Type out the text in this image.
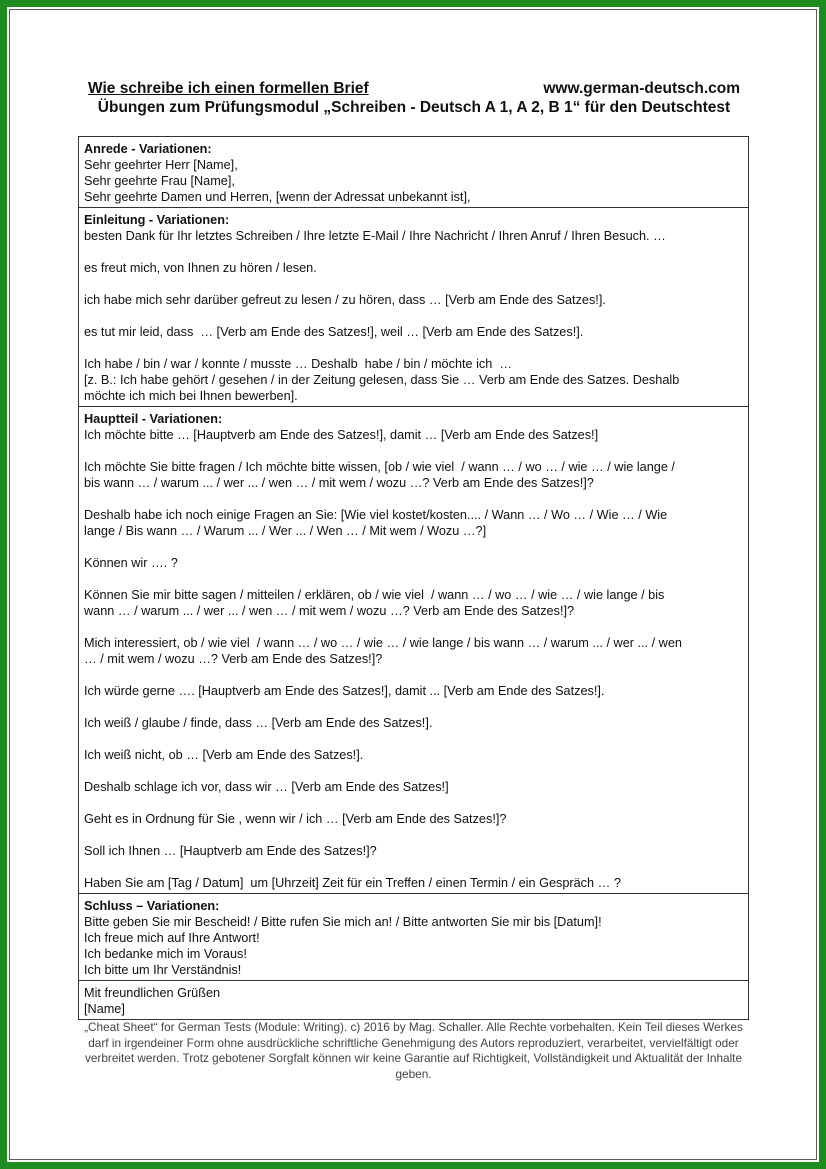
Wie schreibe ich einen formellen Brief	www.german-deutsch.com
Übungen zum Prüfungsmodul „Schreiben - Deutsch A 1, A 2, B 1“ für den Deutschtest
Anrede - Variationen:
Sehr geehrter Herr [Name],
Sehr geehrte Frau [Name],
Sehr geehrte Damen und Herren, [wenn der Adressat unbekannt ist],
Einleitung - Variationen:
besten Dank für Ihr letztes Schreiben / Ihre letzte E-Mail / Ihre Nachricht / Ihren Anruf / Ihren Besuch. …
es freut mich, von Ihnen zu hören / lesen.
ich habe mich sehr darüber gefreut zu lesen / zu hören, dass … [Verb am Ende des Satzes!].
es tut mir leid, dass  … [Verb am Ende des Satzes!], weil … [Verb am Ende des Satzes!].
Ich habe / bin / war / konnte / musste … Deshalb  habe / bin / möchte ich  …
[z. B.: Ich habe gehört / gesehen / in der Zeitung gelesen, dass Sie … Verb am Ende des Satzes. Deshalb
möchte ich mich bei Ihnen bewerben].
Hauptteil - Variationen:
Ich möchte bitte … [Hauptverb am Ende des Satzes!], damit … [Verb am Ende des Satzes!]
Ich möchte Sie bitte fragen / Ich möchte bitte wissen, [ob / wie viel  / wann … / wo … / wie … / wie lange /
bis wann … / warum ... / wer ... / wen … / mit wem / wozu …? Verb am Ende des Satzes!]?
Deshalb habe ich noch einige Fragen an Sie: [Wie viel kostet/kosten.... / Wann … / Wo … / Wie … / Wie
lange / Bis wann … / Warum ... / Wer ... / Wen … / Mit wem / Wozu …?]
Können wir …. ?
Können Sie mir bitte sagen / mitteilen / erklären, ob / wie viel  / wann … / wo … / wie … / wie lange / bis
wann … / warum ... / wer ... / wen … / mit wem / wozu …? Verb am Ende des Satzes!]?
Mich interessiert, ob / wie viel  / wann … / wo … / wie … / wie lange / bis wann … / warum ... / wer ... / wen
… / mit wem / wozu …? Verb am Ende des Satzes!]?
Ich würde gerne …. [Hauptverb am Ende des Satzes!], damit ... [Verb am Ende des Satzes!].
Ich weiß / glaube / finde, dass … [Verb am Ende des Satzes!].
Ich weiß nicht, ob … [Verb am Ende des Satzes!].
Deshalb schlage ich vor, dass wir … [Verb am Ende des Satzes!]
Geht es in Ordnung für Sie , wenn wir / ich … [Verb am Ende des Satzes!]?
Soll ich Ihnen … [Hauptverb am Ende des Satzes!]?
Haben Sie am [Tag / Datum]  um [Uhrzeit] Zeit für ein Treffen / einen Termin / ein Gespräch … ?
Schluss – Variationen:
Bitte geben Sie mir Bescheid! / Bitte rufen Sie mich an! / Bitte antworten Sie mir bis [Datum]!
Ich freue mich auf Ihre Antwort!
Ich bedanke mich im Voraus!
Ich bitte um Ihr Verständnis!
Mit freundlichen Grüßen
[Name]
„Cheat Sheet“ for German Tests (Module: Writing). c) 2016 by Mag. Schaller. Alle Rechte vorbehalten. Kein Teil dieses Werkes darf in irgendeiner Form ohne ausdrückliche schriftliche Genehmigung des Autors reproduziert, verarbeitet, vervielfältigt oder verbreitet werden. Trotz gebotener Sorgfalt können wir keine Garantie auf Richtigkeit, Vollständigkeit und Aktualität der Inhalte geben.
